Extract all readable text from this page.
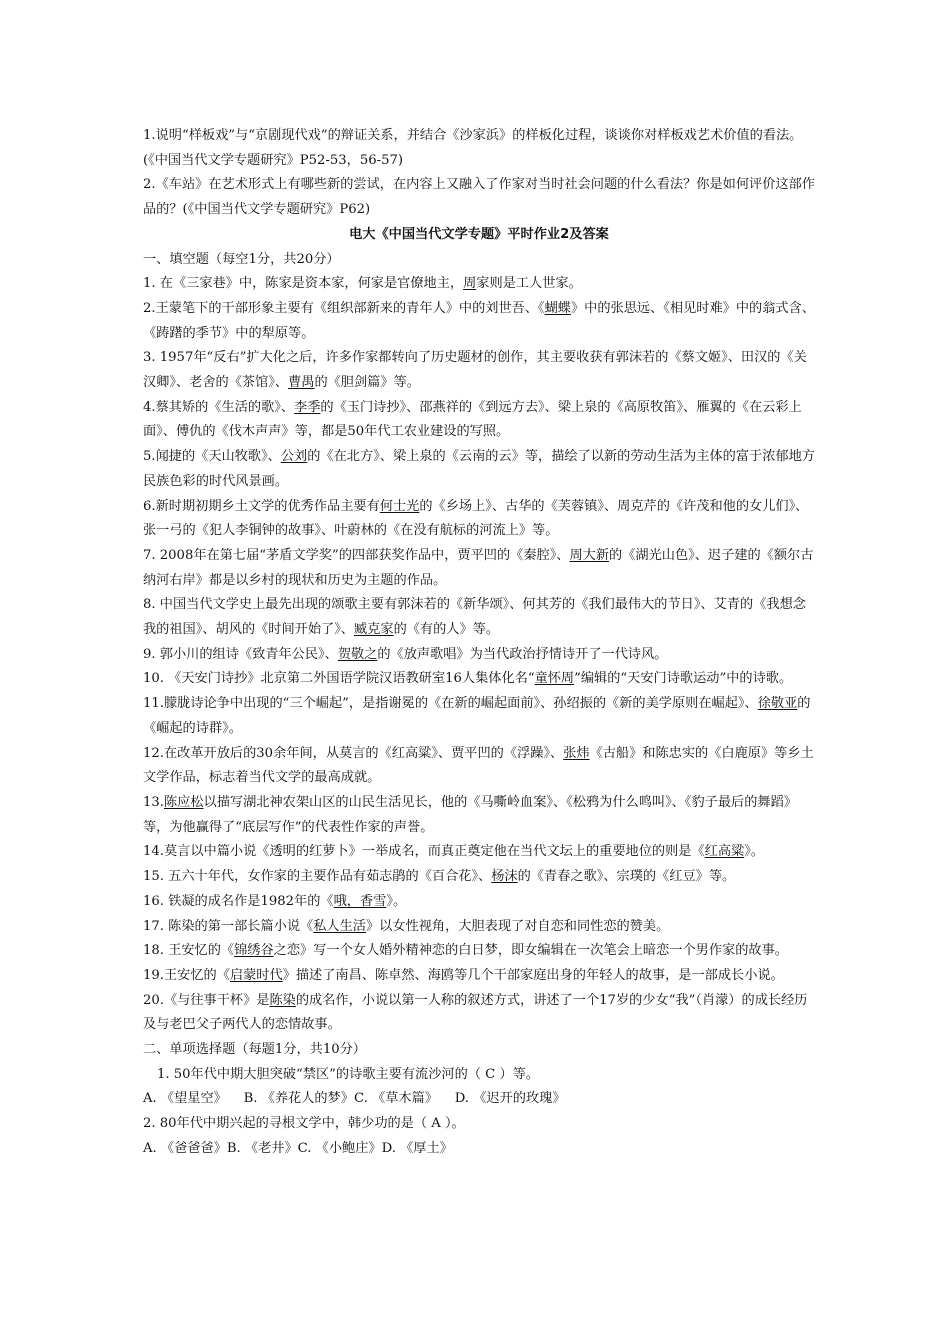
1.说明“样板戏”与“京剧现代戏”的辩证关系，并结合《沙家浜》的样板化过程，谈谈你对样板戏艺术价值的看法。(《中国当代文学专题研究》P52-53，56-57)

2.《车站》在艺术形式上有哪些新的尝试，在内容上又融入了作家对当时社会问题的什么看法？你是如何评价这部作品的？(《中国当代文学专题研究》P62)

电大《中国当代文学专题》平时作业2及答案

一、填空题（每空1分，共20分）

1. 在《三家巷》中，陈家是资本家，何家是官僚地主，周家则是工人世家。

2.王蒙笔下的干部形象主要有《组织部新来的青年人》中的刘世吾、《蝴蝶》中的张思远、《相见时难》中的翁式含、《踌躇的季节》中的犁原等。

3. 1957年“反右”扩大化之后，许多作家都转向了历史题材的创作，其主要收获有郭沫若的《蔡文姬》、田汉的《关汉卿》、老舍的《茶馆》、曹禺的《胆剑篇》等。

4.蔡其矫的《生活的歌》、李季的《玉门诗抄》、邵燕祥的《到远方去》、梁上泉的《高原牧笛》、雁翼的《在云彩上面》、傅仇的《伐木声声》等，都是50年代工农业建设的写照。

5.闻捷的《天山牧歌》、公刘的《在北方》、梁上泉的《云南的云》等，描绘了以新的劳动生活为主体的富于浓郁地方民族色彩的时代风景画。

6.新时期初期乡土文学的优秀作品主要有何士光的《乡场上》、古华的《芙蓉镇》、周克芹的《许茂和他的女儿们》、张一弓的《犯人李铜钟的故事》、叶蔚林的《在没有航标的河流上》等。

7. 2008年在第七届“茅盾文学奖”的四部获奖作品中，贾平凹的《秦腔》、周大新的《湖光山色》、迟子建的《额尔古纳河右岸》都是以乡村的现状和历史为主题的作品。

8. 中国当代文学史上最先出现的颂歌主要有郭沫若的《新华颂》、何其芳的《我们最伟大的节日》、艾青的《我想念我的祖国》、胡风的《时间开始了》、臧克家的《有的人》等。

9. 郭小川的组诗《致青年公民》、贺敬之的《放声歌唱》为当代政治抒情诗开了一代诗风。

10. 《天安门诗抄》北京第二外国语学院汉语教研室16人集体化名“童怀周”编辑的“天安门诗歌运动”中的诗歌。

11.朦胧诗论争中出现的“三个崛起”，是指谢冕的《在新的崛起面前》、孙绍振的《新的美学原则在崛起》、徐敬亚的《崛起的诗群》。

12.在改革开放后的30余年间，从莫言的《红高粱》、贾平凹的《浮躁》、张炜《古船》和陈忠实的《白鹿原》等乡土文学作品，标志着当代文学的最高成就。

13.陈应松以描写湖北神农架山区的山民生活见长，他的《马嘶岭血案》、《松鸦为什么鸣叫》、《豹子最后的舞蹈》等，为他赢得了“底层写作”的代表性作家的声誉。

14.莫言以中篇小说《透明的红萝卜》一举成名，而真正奠定他在当代文坛上的重要地位的则是《红高粱》。

15. 五六十年代，女作家的主要作品有茹志鹃的《百合花》、杨沫的《青春之歌》、宗璞的《红豆》等。

16. 铁凝的成名作是1982年的《哦，香雪》。

17. 陈染的第一部长篇小说《私人生活》以女性视角，大胆表现了对自恋和同性恋的赞美。

18. 王安忆的《锦绣谷之恋》写一个女人婚外精神恋的白日梦，即女编辑在一次笔会上暗恋一个男作家的故事。

19.王安忆的《启蒙时代》描述了南昌、陈卓然、海鸥等几个干部家庭出身的年轻人的故事，是一部成长小说。

20.《与往事干杯》是陈染的成名作，小说以第一人称的叙述方式，讲述了一个17岁的少女“我”（肖濛）的成长经历及与老巴父子两代人的恋情故事。

二、单项选择题（每题1分，共10分）

1. 50年代中期大胆突破“禁区”的诗歌主要有流沙河的（ C ）等。

A. 《望星空》    B. 《养花人的梦》C. 《草木篇》    D. 《迟开的玫瑰》

2. 80年代中期兴起的寻根文学中，韩少功的是（ A ）。

A. 《爸爸爸》B. 《老井》C. 《小鲍庄》D. 《厚土》
